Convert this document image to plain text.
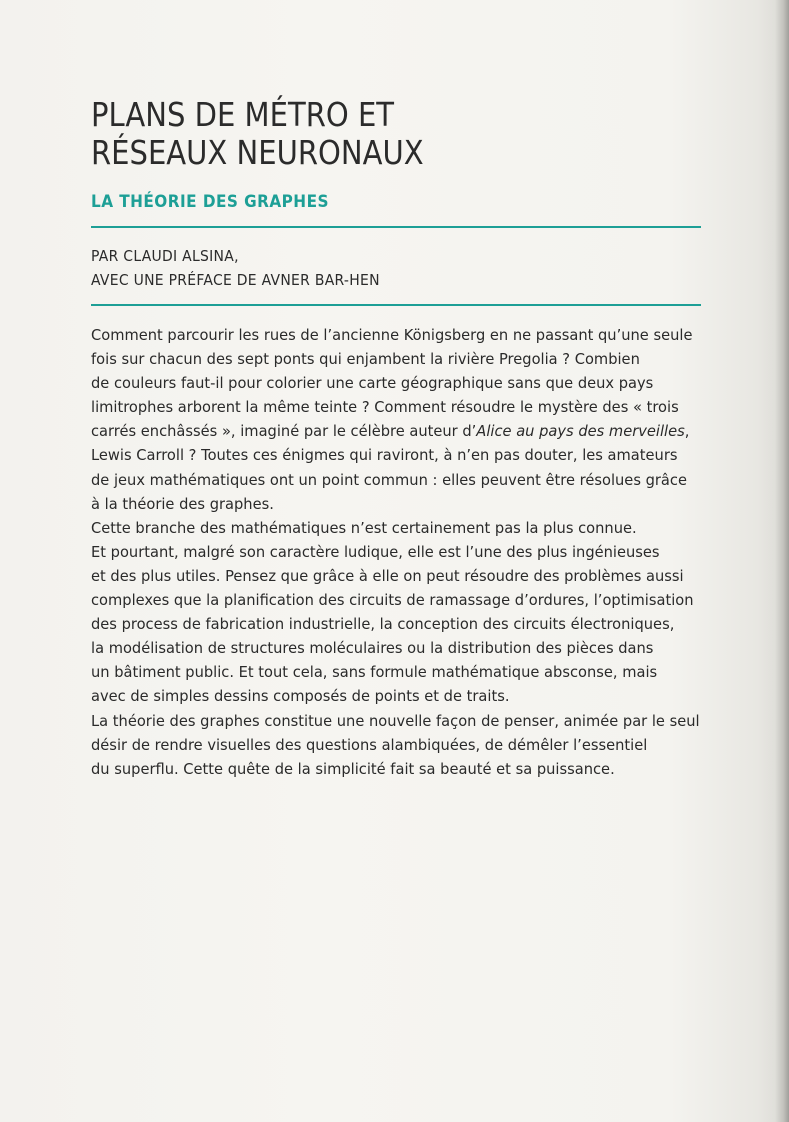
PLANS DE MÉTRO ET
RÉSEAUX NEURONAUX
LA THÉORIE DES GRAPHES
PAR CLAUDI ALSINA,
AVEC UNE PRÉFACE DE AVNER BAR-HEN
Comment parcourir les rues de l’ancienne Königsberg en ne passant qu’une seule
fois sur chacun des sept ponts qui enjambent la rivière Pregolia ? Combien
de couleurs faut-il pour colorier une carte géographique sans que deux pays
limitrophes arborent la même teinte ? Comment résoudre le mystère des « trois
carrés enchâssés », imaginé par le célèbre auteur d’Alice au pays des merveilles,
Lewis Carroll ? Toutes ces énigmes qui raviront, à n’en pas douter, les amateurs
de jeux mathématiques ont un point commun : elles peuvent être résolues grâce
à la théorie des graphes.
Cette branche des mathématiques n’est certainement pas la plus connue.
Et pourtant, malgré son caractère ludique, elle est l’une des plus ingénieuses
et des plus utiles. Pensez que grâce à elle on peut résoudre des problèmes aussi
complexes que la planification des circuits de ramassage d’ordures, l’optimisation
des process de fabrication industrielle, la conception des circuits électroniques,
la modélisation de structures moléculaires ou la distribution des pièces dans
un bâtiment public. Et tout cela, sans formule mathématique absconse, mais
avec de simples dessins composés de points et de traits.
La théorie des graphes constitue une nouvelle façon de penser, animée par le seul
désir de rendre visuelles des questions alambiquées, de démêler l’essentiel
du superflu. Cette quête de la simplicité fait sa beauté et sa puissance.
